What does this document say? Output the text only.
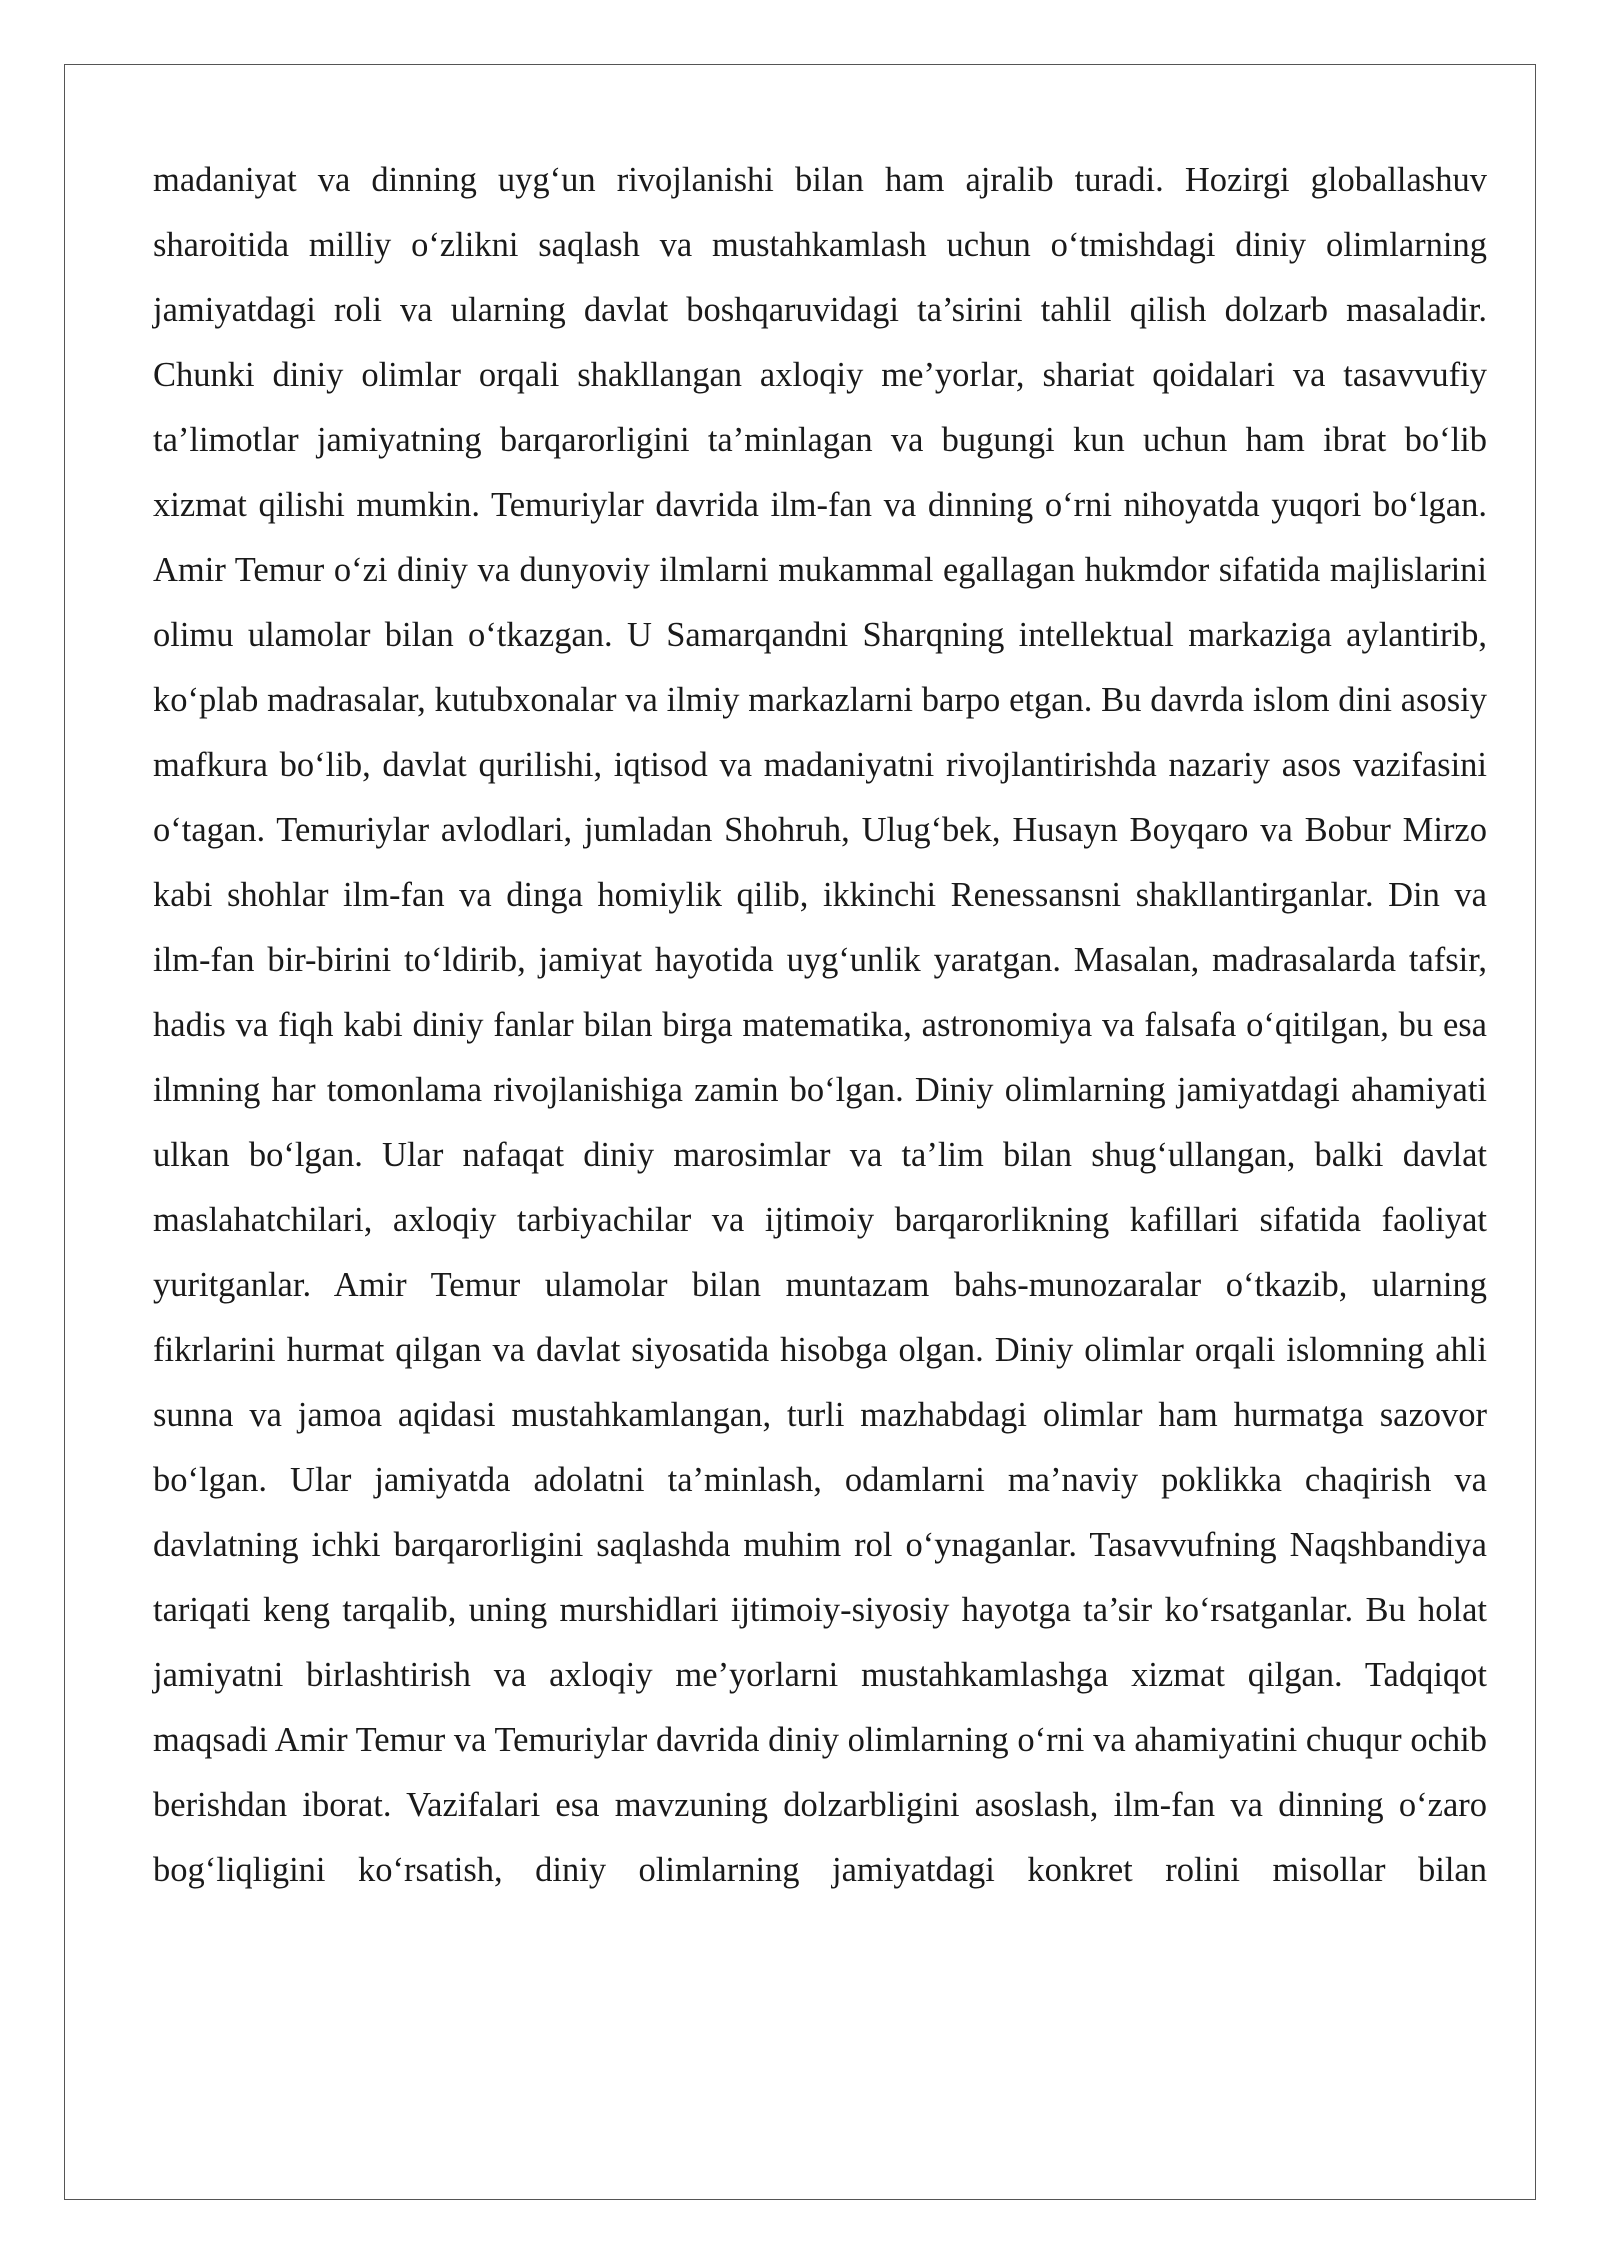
madaniyat va dinning uyg‘un rivojlanishi bilan ham ajralib turadi. Hozirgi globallashuv sharoitida milliy o‘zlikni saqlash va mustahkamlash uchun o‘tmishdagi diniy olimlarning jamiyatdagi roli va ularning davlat boshqaruvidagi ta’sirini tahlil qilish dolzarb masaladir. Chunki diniy olimlar orqali shakllangan axloqiy me’yorlar, shariat qoidalari va tasavvufiy ta’limotlar jamiyatning barqarorligini ta’minlagan va bugungi kun uchun ham ibrat bo‘lib xizmat qilishi mumkin. Temuriylar davrida ilm-fan va dinning o‘rni nihoyatda yuqori bo‘lgan. Amir Temur o‘zi diniy va dunyoviy ilmlarni mukammal egallagan hukmdor sifatida majlislarini olimu ulamolar bilan o‘tkazgan. U Samarqandni Sharqning intellektual markaziga aylantirib, ko‘plab madrasalar, kutubxonalar va ilmiy markazlarni barpo etgan. Bu davrda islom dini asosiy mafkura bo‘lib, davlat qurilishi, iqtisod va madaniyatni rivojlantirishda nazariy asos vazifasini o‘tagan. Temuriylar avlodlari, jumladan Shohruh, Ulug‘bek, Husayn Boyqaro va Bobur Mirzo kabi shohlar ilm-fan va dinga homiylik qilib, ikkinchi Renessansni shakllantirganlar. Din va ilm-fan bir-birini to‘ldirib, jamiyat hayotida uyg‘unlik yaratgan. Masalan, madrasalarda tafsir, hadis va fiqh kabi diniy fanlar bilan birga matematika, astronomiya va falsafa o‘qitilgan, bu esa ilmning har tomonlama rivojlanishiga zamin bo‘lgan. Diniy olimlarning jamiyatdagi ahamiyati ulkan bo‘lgan. Ular nafaqat diniy marosimlar va ta’lim bilan shug‘ullangan, balki davlat maslahatchilari, axloqiy tarbiyachilar va ijtimoiy barqarorlikning kafillari sifatida faoliyat yuritganlar. Amir Temur ulamolar bilan muntazam bahs-munozaralar o‘tkazib, ularning fikrlarini hurmat qilgan va davlat siyosatida hisobga olgan. Diniy olimlar orqali islomning ahli sunna va jamoa aqidasi mustahkamlangan, turli mazhabdagi olimlar ham hurmatga sazovor bo‘lgan. Ular jamiyatda adolatni ta’minlash, odamlarni ma’naviy poklikka chaqirish va davlatning ichki barqarorligini saqlashda muhim rol o‘ynaganlar. Tasavvufning Naqshbandiya tariqati keng tarqalib, uning murshidlari ijtimoiy-siyosiy hayotga ta’sir ko‘rsatganlar. Bu holat jamiyatni birlashtirish va axloqiy me’yorlarni mustahkamlashga xizmat qilgan. Tadqiqot maqsadi Amir Temur va Temuriylar davrida diniy olimlarning o‘rni va ahamiyatini chuqur ochib berishdan iborat. Vazifalari esa mavzuning dolzarbligini asoslash, ilm-fan va dinning o‘zaro bog‘liqligini ko‘rsatish, diniy olimlarning jamiyatdagi konkret rolini misollar bilan
